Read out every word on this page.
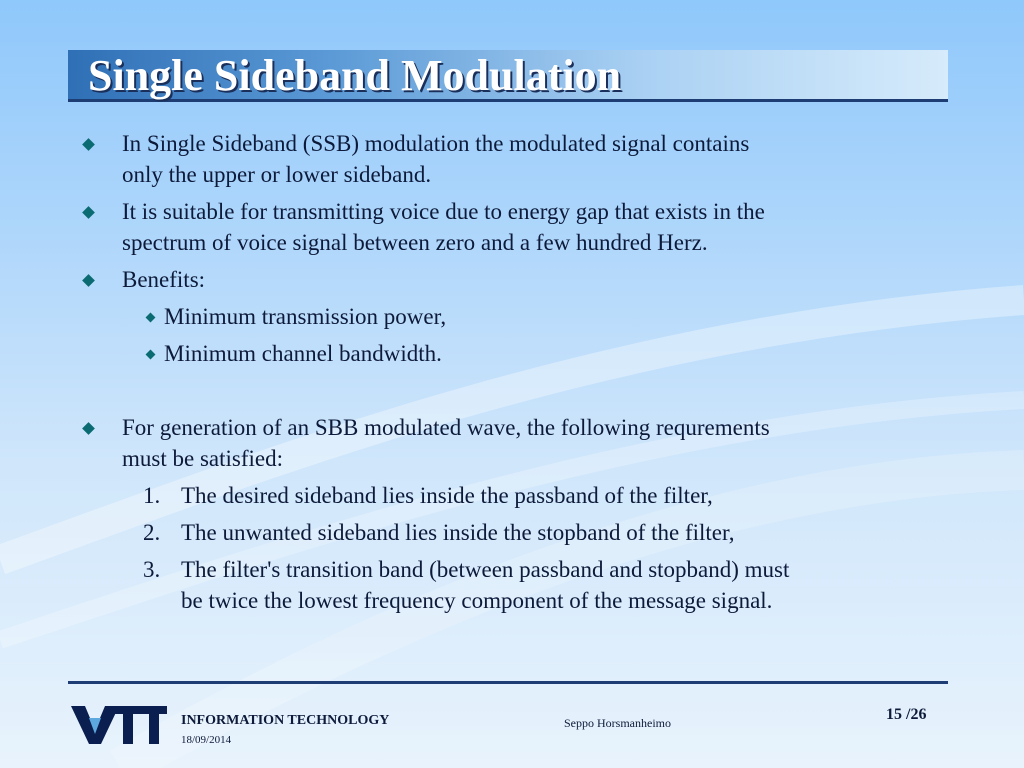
Single Sideband Modulation
In Single Sideband (SSB) modulation the modulated signal contains
only the upper or lower sideband.
It is suitable for transmitting voice due to energy gap that exists in the
spectrum of voice signal between zero and a few hundred Herz.
Benefits:
Minimum transmission power,
Minimum channel bandwidth.
For generation of an SBB modulated wave, the following requrements
must be satisfied:
1. The desired sideband lies inside the passband of the filter,
2. The unwanted sideband lies inside the stopband of the filter,
3. The filter's transition band (between passband and stopband) must
be twice the lowest frequency component of the message signal.
INFORMATION TECHNOLOGY
18/09/2014
Seppo Horsmanheimo	15 /26
